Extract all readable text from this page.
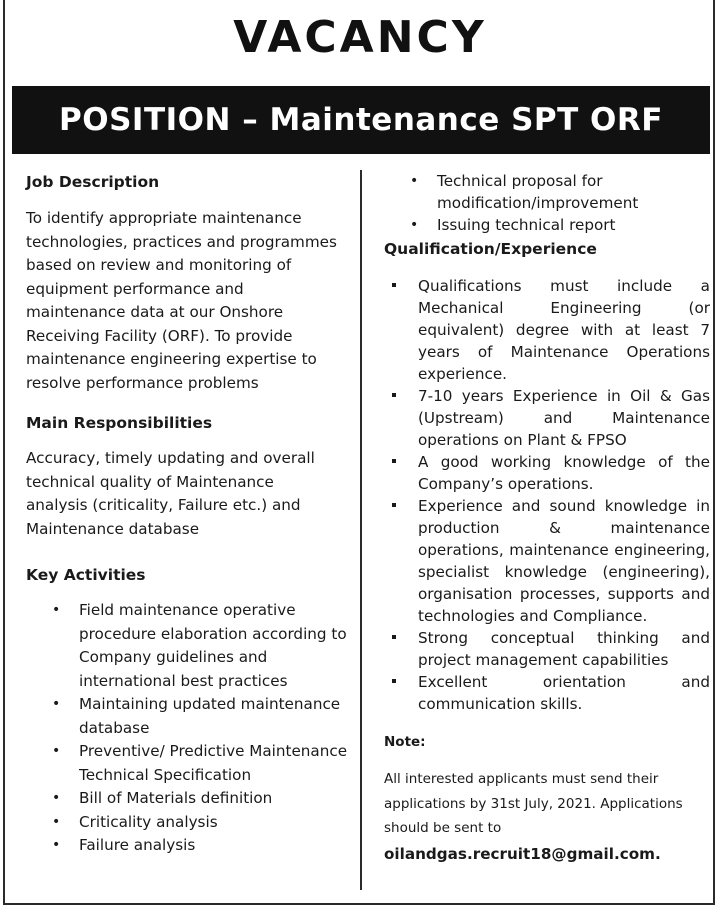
VACANCY
POSITION – Maintenance SPT ORF
Job Description

To identify appropriate maintenance technologies, practices and programmes based on review and monitoring of equipment performance and maintenance data at our Onshore Receiving Facility (ORF). To provide maintenance engineering expertise to resolve performance problems

Main Responsibilities

Accuracy, timely updating and overall technical quality of Maintenance analysis (criticality, Failure etc.) and Maintenance database

Key Activities
• Field maintenance operative procedure elaboration according to Company guidelines and international best practices
• Maintaining updated maintenance database
• Preventive/ Predictive Maintenance Technical Specification
• Bill of Materials definition
• Criticality analysis
• Failure analysis
• Technical proposal for modification/improvement
• Issuing technical report
Qualification/Experience
Qualifications must include a Mechanical Engineering (or equivalent) degree with at least 7 years of Maintenance Operations experience.
7-10 years Experience in Oil & Gas (Upstream) and Maintenance operations on Plant & FPSO
A good working knowledge of the Company’s operations.
Experience and sound knowledge in production & maintenance operations, maintenance engineering, specialist knowledge (engineering), organisation processes, supports and technologies and Compliance.
Strong conceptual thinking and project management capabilities
Excellent orientation and communication skills.
Note:
All interested applicants must send their applications by 31st July, 2021. Applications should be sent to
oilandgas.recruit18@gmail.com.
